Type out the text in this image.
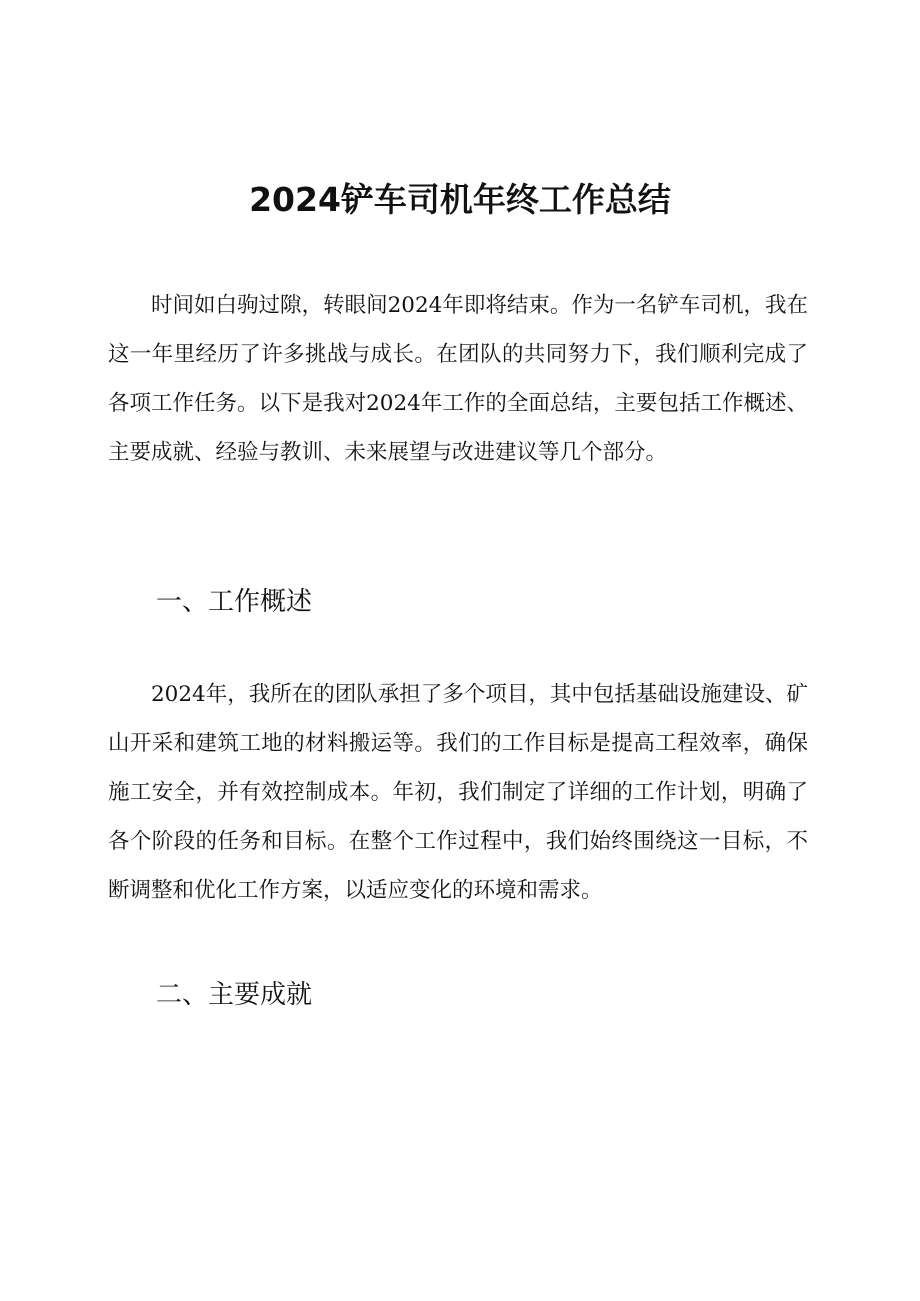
2024铲车司机年终工作总结

时间如白驹过隙，转眼间2024年即将结束。作为一名铲车司机，我在这一年里经历了许多挑战与成长。在团队的共同努力下，我们顺利完成了各项工作任务。以下是我对2024年工作的全面总结，主要包括工作概述、主要成就、经验与教训、未来展望与改进建议等几个部分。

一、工作概述

2024年，我所在的团队承担了多个项目，其中包括基础设施建设、矿山开采和建筑工地的材料搬运等。我们的工作目标是提高工程效率，确保施工安全，并有效控制成本。年初，我们制定了详细的工作计划，明确了各个阶段的任务和目标。在整个工作过程中，我们始终围绕这一目标，不断调整和优化工作方案，以适应变化的环境和需求。

二、主要成就
